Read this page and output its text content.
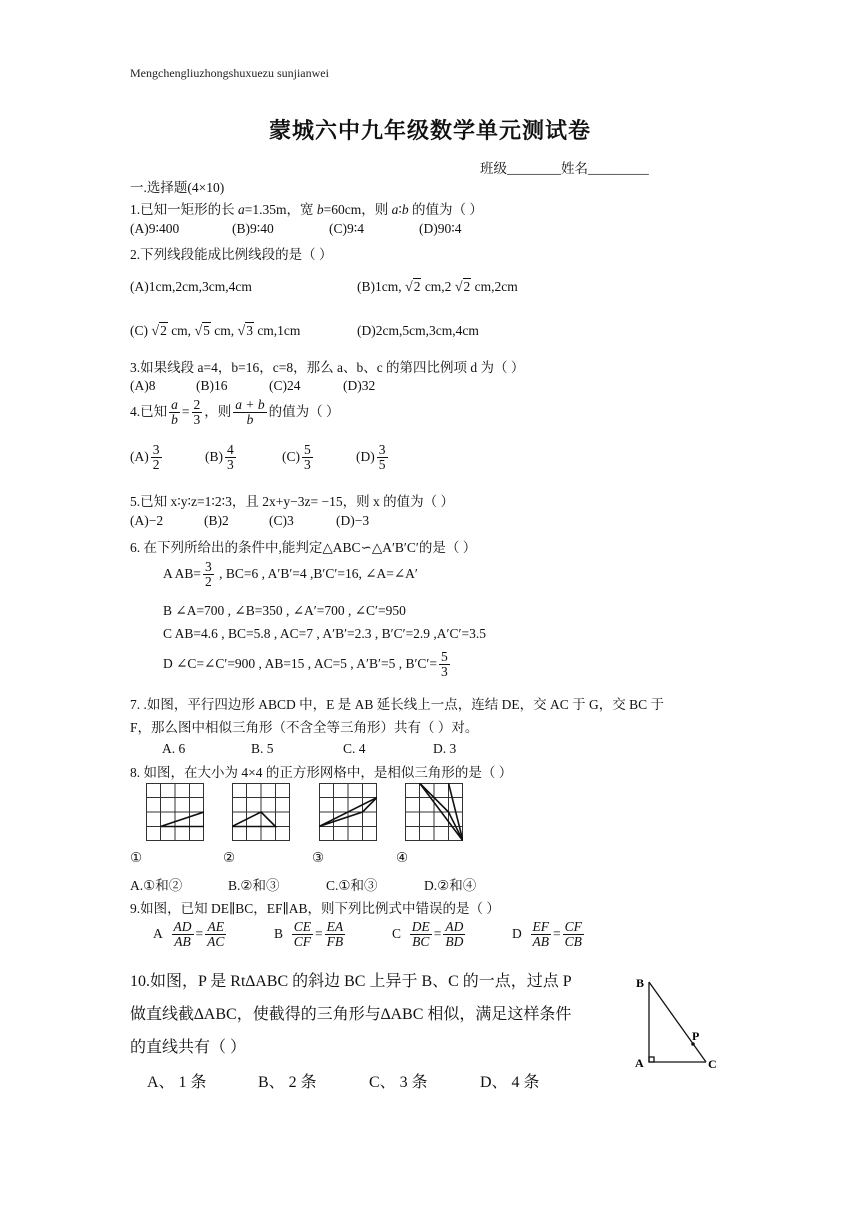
Mengchengliuzhongshuxuezu sunjianwei
蒙城六中九年级数学单元测试卷
班级________姓名_________
一.选择题(4×10)
1.已知一矩形的长 a=1.35m，宽 b=60cm，则 a∶b 的值为（ ）
(A)9∶400	(B)9∶40	(C)9∶4	(D)90∶4
2.下列线段能成比例线段的是（ ）
(A)1cm,2cm,3cm,4cm	(B)1cm, √2 cm,2 √2 cm,2cm
(C) √2 cm, √5 cm, √3 cm,1cm	(D)2cm,5cm,3cm,4cm
3.如果线段 a=4，b=16，c=8，那么 a、b、c 的第四比例项 d 为（ ）
(A)8	(B)16	(C)24	(D)32
4.已知 $\frac{a}{b} = \frac{2}{3}$ ，则 $\frac{a + b}{b}$ 的值为（ ）
$(A) \frac{3}{2}$	$(B) \frac{4}{3}$	$(C) \frac{5}{3}$	$(D) \frac{3}{5}$
5.已知 x∶y∶z=1∶2∶3，且 2x+y−3z= −15，则 x 的值为（ ）
(A)−2	(B)2	(C)3	(D)−3
6. 在下列所给出的条件中,能判定△ABC∽△A′B′C′的是（ ）
A $AB= \frac{3}{2}$ , BC=6 , A′B′=4 ,B′C′=16, ∠A=∠A′
B ∠A=700 , ∠B=350 , ∠A′=700 , ∠C′=950
C AB=4.6 , BC=5.8 , AC=7 , A′B′=2.3 , B′C′=2.9 ,A′C′=3.5
D ∠C=∠C′=900 , AB=15 , AC=5 , A′B′=5 , $B'C'= \frac{5}{3}$
7. .如图，平行四边形 ABCD 中，E 是 AB 延长线上一点，连结 DE，交 AC 于 G，交 BC 于
F，那么图中相似三角形（不含全等三角形）共有（ ）对。
A. 6	B. 5	C. 4	D. 3
8. 如图，在大小为 4×4 的正方形网格中，是相似三角形的是（ ）
①	②	③	④
A.①和②	B.②和③	C.①和③	D.②和④
9.如图，已知 DE∥BC，EF∥AB，则下列比例式中错误的是（ ）
A $\frac{AD}{AB} = \frac{AE}{AC}$	B $\frac{CE}{CF} = \frac{EA}{FB}$	C $\frac{DE}{BC} = \frac{AD}{BD}$	D $\frac{EF}{AB} = \frac{CF}{CB}$
10.如图，P 是 Rt∆ABC 的斜边 BC 上异于 B、C 的一点，过点 P
做直线截∆ABC，使截得的三角形与∆ABC 相似，满足这样条件
的直线共有（ ）
A、 1 条	B、 2 条	C、 3 条	D、 4 条
B
P
A	C
